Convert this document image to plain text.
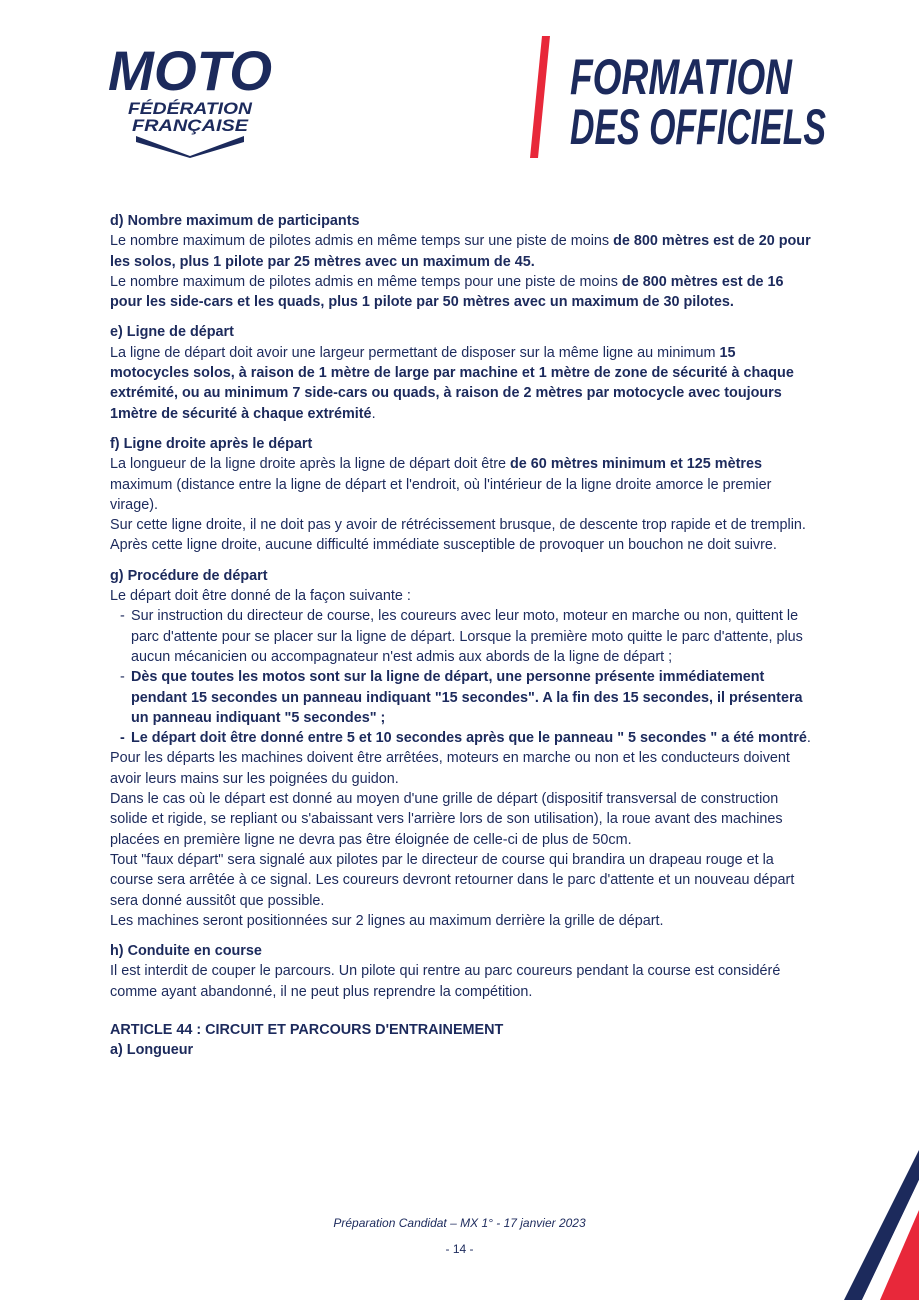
MOTO
FÉDÉRATION
FRANÇAISE
FORMATION
DES OFFICIELS
d) Nombre maximum de participants

Le nombre maximum de pilotes admis en même temps sur une piste de moins de 800 mètres est de 20 pour les solos, plus 1 pilote par 25 mètres avec un maximum de 45.

Le nombre maximum de pilotes admis en même temps pour une piste de moins de 800 mètres est de 16 pour les side-cars et les quads, plus 1 pilote par 50 mètres avec un maximum de 30 pilotes.

e) Ligne de départ

La ligne de départ doit avoir une largeur permettant de disposer sur la même ligne au minimum 15 motocycles solos, à raison de 1 mètre de large par machine et 1 mètre de zone de sécurité à chaque extrémité, ou au minimum 7 side-cars ou quads, à raison de 2 mètres par motocycle avec toujours 1mètre de sécurité à chaque extrémité.

f) Ligne droite après le départ

La longueur de la ligne droite après la ligne de départ doit être de 60 mètres minimum et 125 mètres maximum (distance entre la ligne de départ et l'endroit, où l'intérieur de la ligne droite amorce le premier virage).

Sur cette ligne droite, il ne doit pas y avoir de rétrécissement brusque, de descente trop rapide et de tremplin. Après cette ligne droite, aucune difficulté immédiate susceptible de provoquer un bouchon ne doit suivre.

g) Procédure de départ

Le départ doit être donné de la façon suivante :

- Sur instruction du directeur de course, les coureurs avec leur moto, moteur en marche ou non, quittent le parc d'attente pour se placer sur la ligne de départ. Lorsque la première moto quitte le parc d'attente, plus aucun mécanicien ou accompagnateur n'est admis aux abords de la ligne de départ ;
- Dès que toutes les motos sont sur la ligne de départ, une personne présente immédiatement pendant 15 secondes un panneau indiquant "15 secondes". A la fin des 15 secondes, il présentera un panneau indiquant "5 secondes" ;
- Le départ doit être donné entre 5 et 10 secondes après que le panneau " 5 secondes " a été montré.

Pour les départs les machines doivent être arrêtées, moteurs en marche ou non et les conducteurs doivent avoir leurs mains sur les poignées du guidon.

Dans le cas où le départ est donné au moyen d'une grille de départ (dispositif transversal de construction solide et rigide, se repliant ou s'abaissant vers l'arrière lors de son utilisation), la roue avant des machines placées en première ligne ne devra pas être éloignée de celle-ci de plus de 50cm.

Tout "faux départ" sera signalé aux pilotes par le directeur de course qui brandira un drapeau rouge et la course sera arrêtée à ce signal. Les coureurs devront retourner dans le parc d'attente et un nouveau départ sera donné aussitôt que possible.

Les machines seront positionnées sur 2 lignes au maximum derrière la grille de départ.

h) Conduite en course

Il est interdit de couper le parcours. Un pilote qui rentre au parc coureurs pendant la course est considéré comme ayant abandonné, il ne peut plus reprendre la compétition.

ARTICLE 44 : CIRCUIT ET PARCOURS D'ENTRAINEMENT
a) Longueur
Préparation Candidat – MX 1° - 17 janvier 2023
- 14 -
